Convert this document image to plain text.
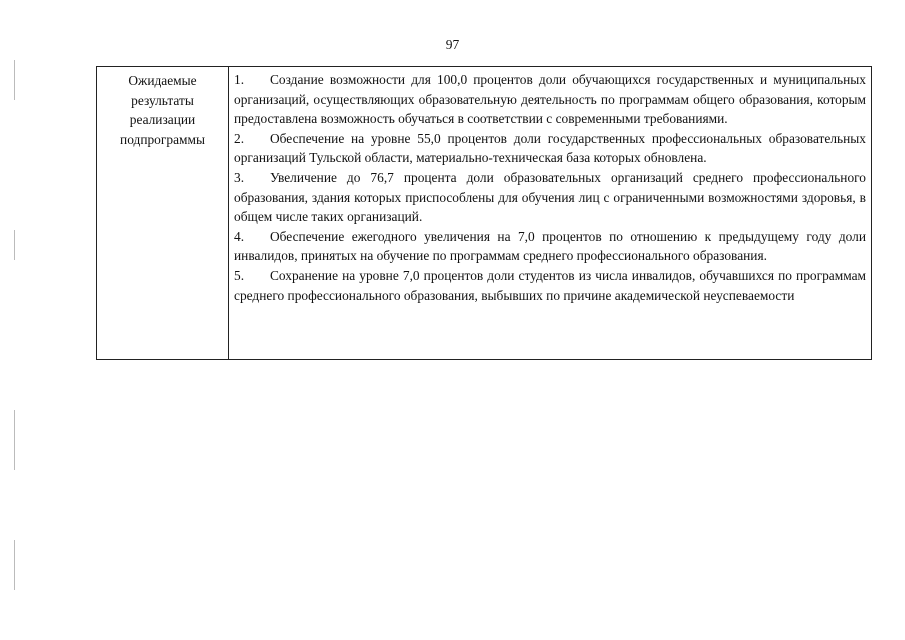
97
Ожидаемые
результаты
реализации
подпрограммы

1. Создание возможности для 100,0 процентов доли обучающихся государственных и муниципальных организаций, осуществляющих образовательную деятельность по программам общего образования, которым предоставлена возможность обучаться в соответствии с современными требованиями.

2. Обеспечение на уровне 55,0 процентов доли государственных профессиональных образовательных организаций Тульской области, материально-техническая база которых обновлена.

3. Увеличение до 76,7 процента доли образовательных организаций среднего профессионального образования, здания которых приспособлены для обучения лиц с ограниченными возможностями здоровья, в общем числе таких организаций.

4. Обеспечение ежегодного увеличения на 7,0 процентов по отношению к предыдущему году доли инвалидов, принятых на обучение по программам среднего профессионального образования.

5. Сохранение на уровне 7,0 процентов доли студентов из числа инвалидов, обучавшихся по программам среднего профессионального образования, выбывших по причине академической неуспеваемости
